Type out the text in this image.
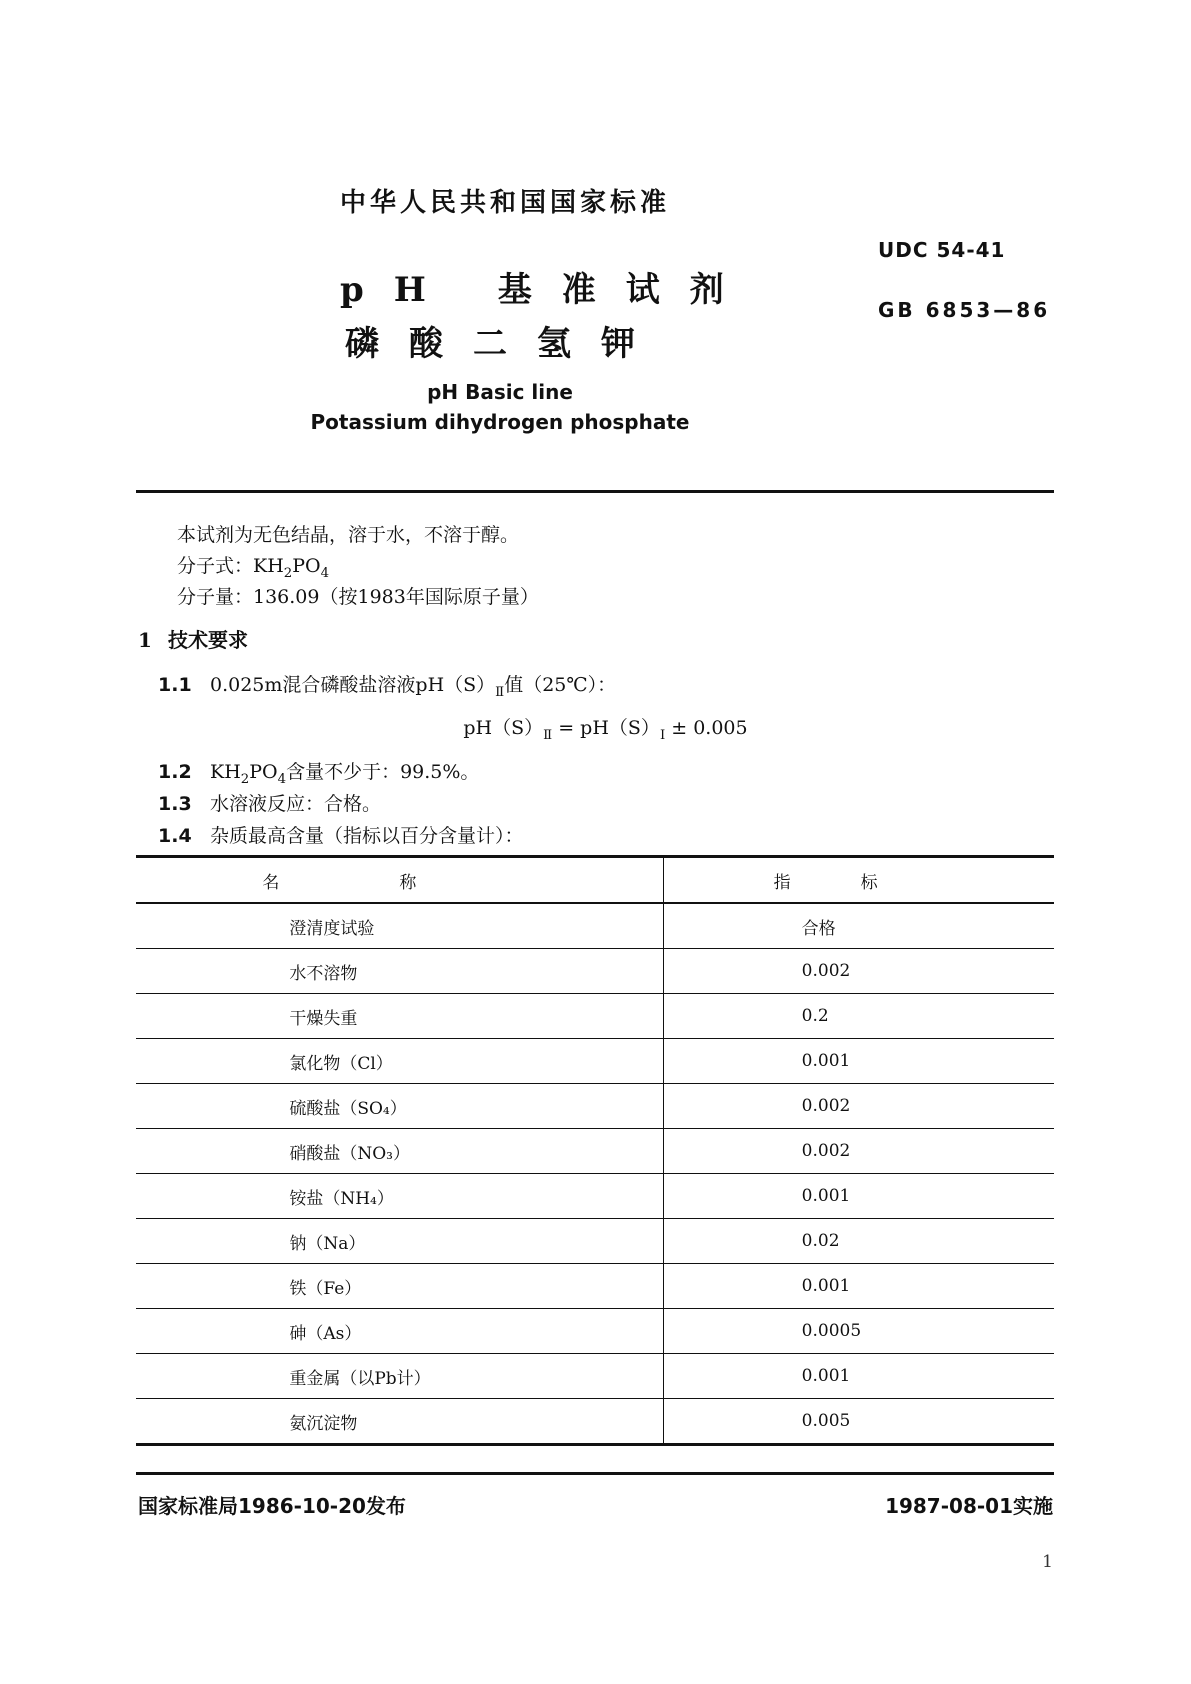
中华人民共和国国家标准
UDC 54-41
GB 6853—86
pH 基准试剂
磷酸二氢钾
pH Basic line
Potassium dihydrogen phosphate
本试剂为无色结晶，溶于水，不溶于醇。
分子式：$KH_2PO_4$
分子量：136.09（按1983年国际原子量）
1 技术要求
1.1 0.025m混合磷酸盐溶液$pH(S)_Ⅱ$值（25℃）：
$pH(S)_Ⅱ = pH(S)_Ⅰ \pm 0.005$
1.2 $KH_2PO_4$含量不少于：99.5%。
1.3 水溶液反应：合格。
1.4 杂质最高含量（指标以百分含量计）：
名称	指标
澄清度试验	合格
水不溶物	0.002
干燥失重	0.2
氯化物（Cl）	0.001
硫酸盐（SO₄）	0.002
硝酸盐（NO₃）	0.002
铵盐（NH₄）	0.001
钠（Na）	0.02
铁（Fe）	0.001
砷（As）	0.0005
重金属（以Pb计）	0.001
氨沉淀物	0.005
国家标准局1986-10-20发布	1987-08-01实施
1
